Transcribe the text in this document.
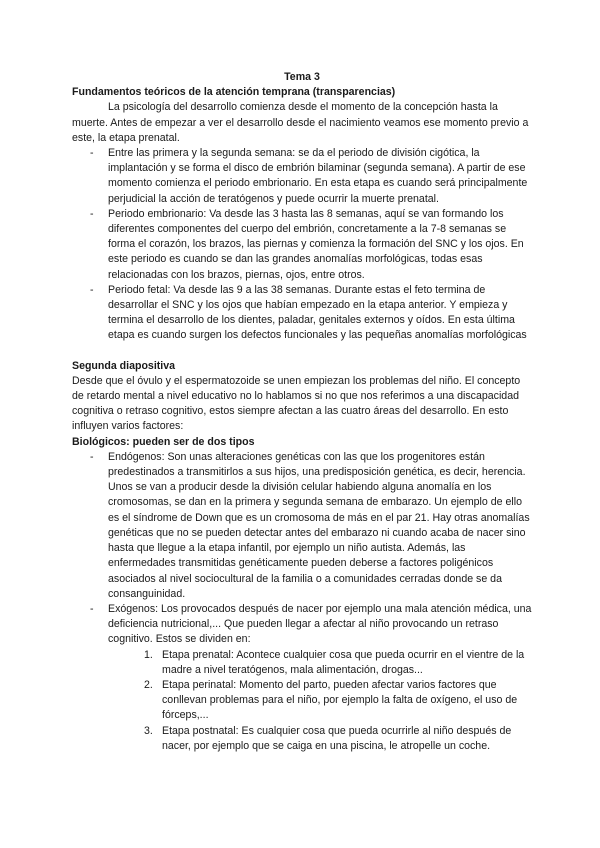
Tema 3

Fundamentos teóricos de la atención temprana (transparencias)

La psicología del desarrollo comienza desde el momento de la concepción hasta la muerte. Antes de empezar a ver el desarrollo desde el nacimiento veamos ese momento previo a este, la etapa prenatal.

- Entre las primera y la segunda semana: se da el periodo de división cigótica, la implantación y se forma el disco de embrión bilaminar (segunda semana). A partir de ese momento comienza el periodo embrionario. En esta etapa es cuando será principalmente perjudicial la acción de teratógenos y puede ocurrir la muerte prenatal.
- Periodo embrionario: Va desde las 3 hasta las 8 semanas, aquí se van formando los diferentes componentes del cuerpo del embrión, concretamente a la 7-8 semanas se forma el corazón, los brazos, las piernas y comienza la formación del SNC y los ojos. En este periodo es cuando se dan las grandes anomalías morfológicas, todas esas relacionadas con los brazos, piernas, ojos, entre otros.
- Periodo fetal: Va desde las 9 a las 38 semanas. Durante estas el feto termina de desarrollar el SNC y los ojos que habían empezado en la etapa anterior. Y empieza y termina el desarrollo de los dientes, paladar, genitales externos y oídos. En esta última etapa es cuando surgen los defectos funcionales y las pequeñas anomalías morfológicas

Segunda diapositiva

Desde que el óvulo y el espermatozoide se unen empiezan los problemas del niño. El concepto de retardo mental a nivel educativo no lo hablamos si no que nos referimos a una discapacidad cognitiva o retraso cognitivo, estos siempre afectan a las cuatro áreas del desarrollo. En esto influyen varios factores:

Biológicos: pueden ser de dos tipos

- Endógenos: Son unas alteraciones genéticas con las que los progenitores están predestinados a transmitirlos a sus hijos, una predisposición genética, es decir, herencia. Unos se van a producir desde la división celular habiendo alguna anomalía en los cromosomas, se dan en la primera y segunda semana de embarazo. Un ejemplo de ello es el síndrome de Down que es un cromosoma de más en el par 21. Hay otras anomalías genéticas que no se pueden detectar antes del embarazo ni cuando acaba de nacer sino hasta que llegue a la etapa infantil, por ejemplo un niño autista. Además, las enfermedades transmitidas genéticamente pueden deberse a factores poligénicos asociados al nivel sociocultural de la familia o a comunidades cerradas donde se da consanguinidad.
- Exógenos: Los provocados después de nacer por ejemplo una mala atención médica, una deficiencia nutricional,... Que pueden llegar a afectar al niño provocando un retraso cognitivo. Estos se dividen en:
1. Etapa prenatal: Acontece cualquier cosa que pueda ocurrir en el vientre de la madre a nivel teratógenos, mala alimentación, drogas...
2. Etapa perinatal: Momento del parto, pueden afectar varios factores que conllevan problemas para el niño, por ejemplo la falta de oxígeno, el uso de fórceps,...
3. Etapa postnatal: Es cualquier cosa que pueda ocurrirle al niño después de nacer, por ejemplo que se caiga en una piscina, le atropelle un coche.
